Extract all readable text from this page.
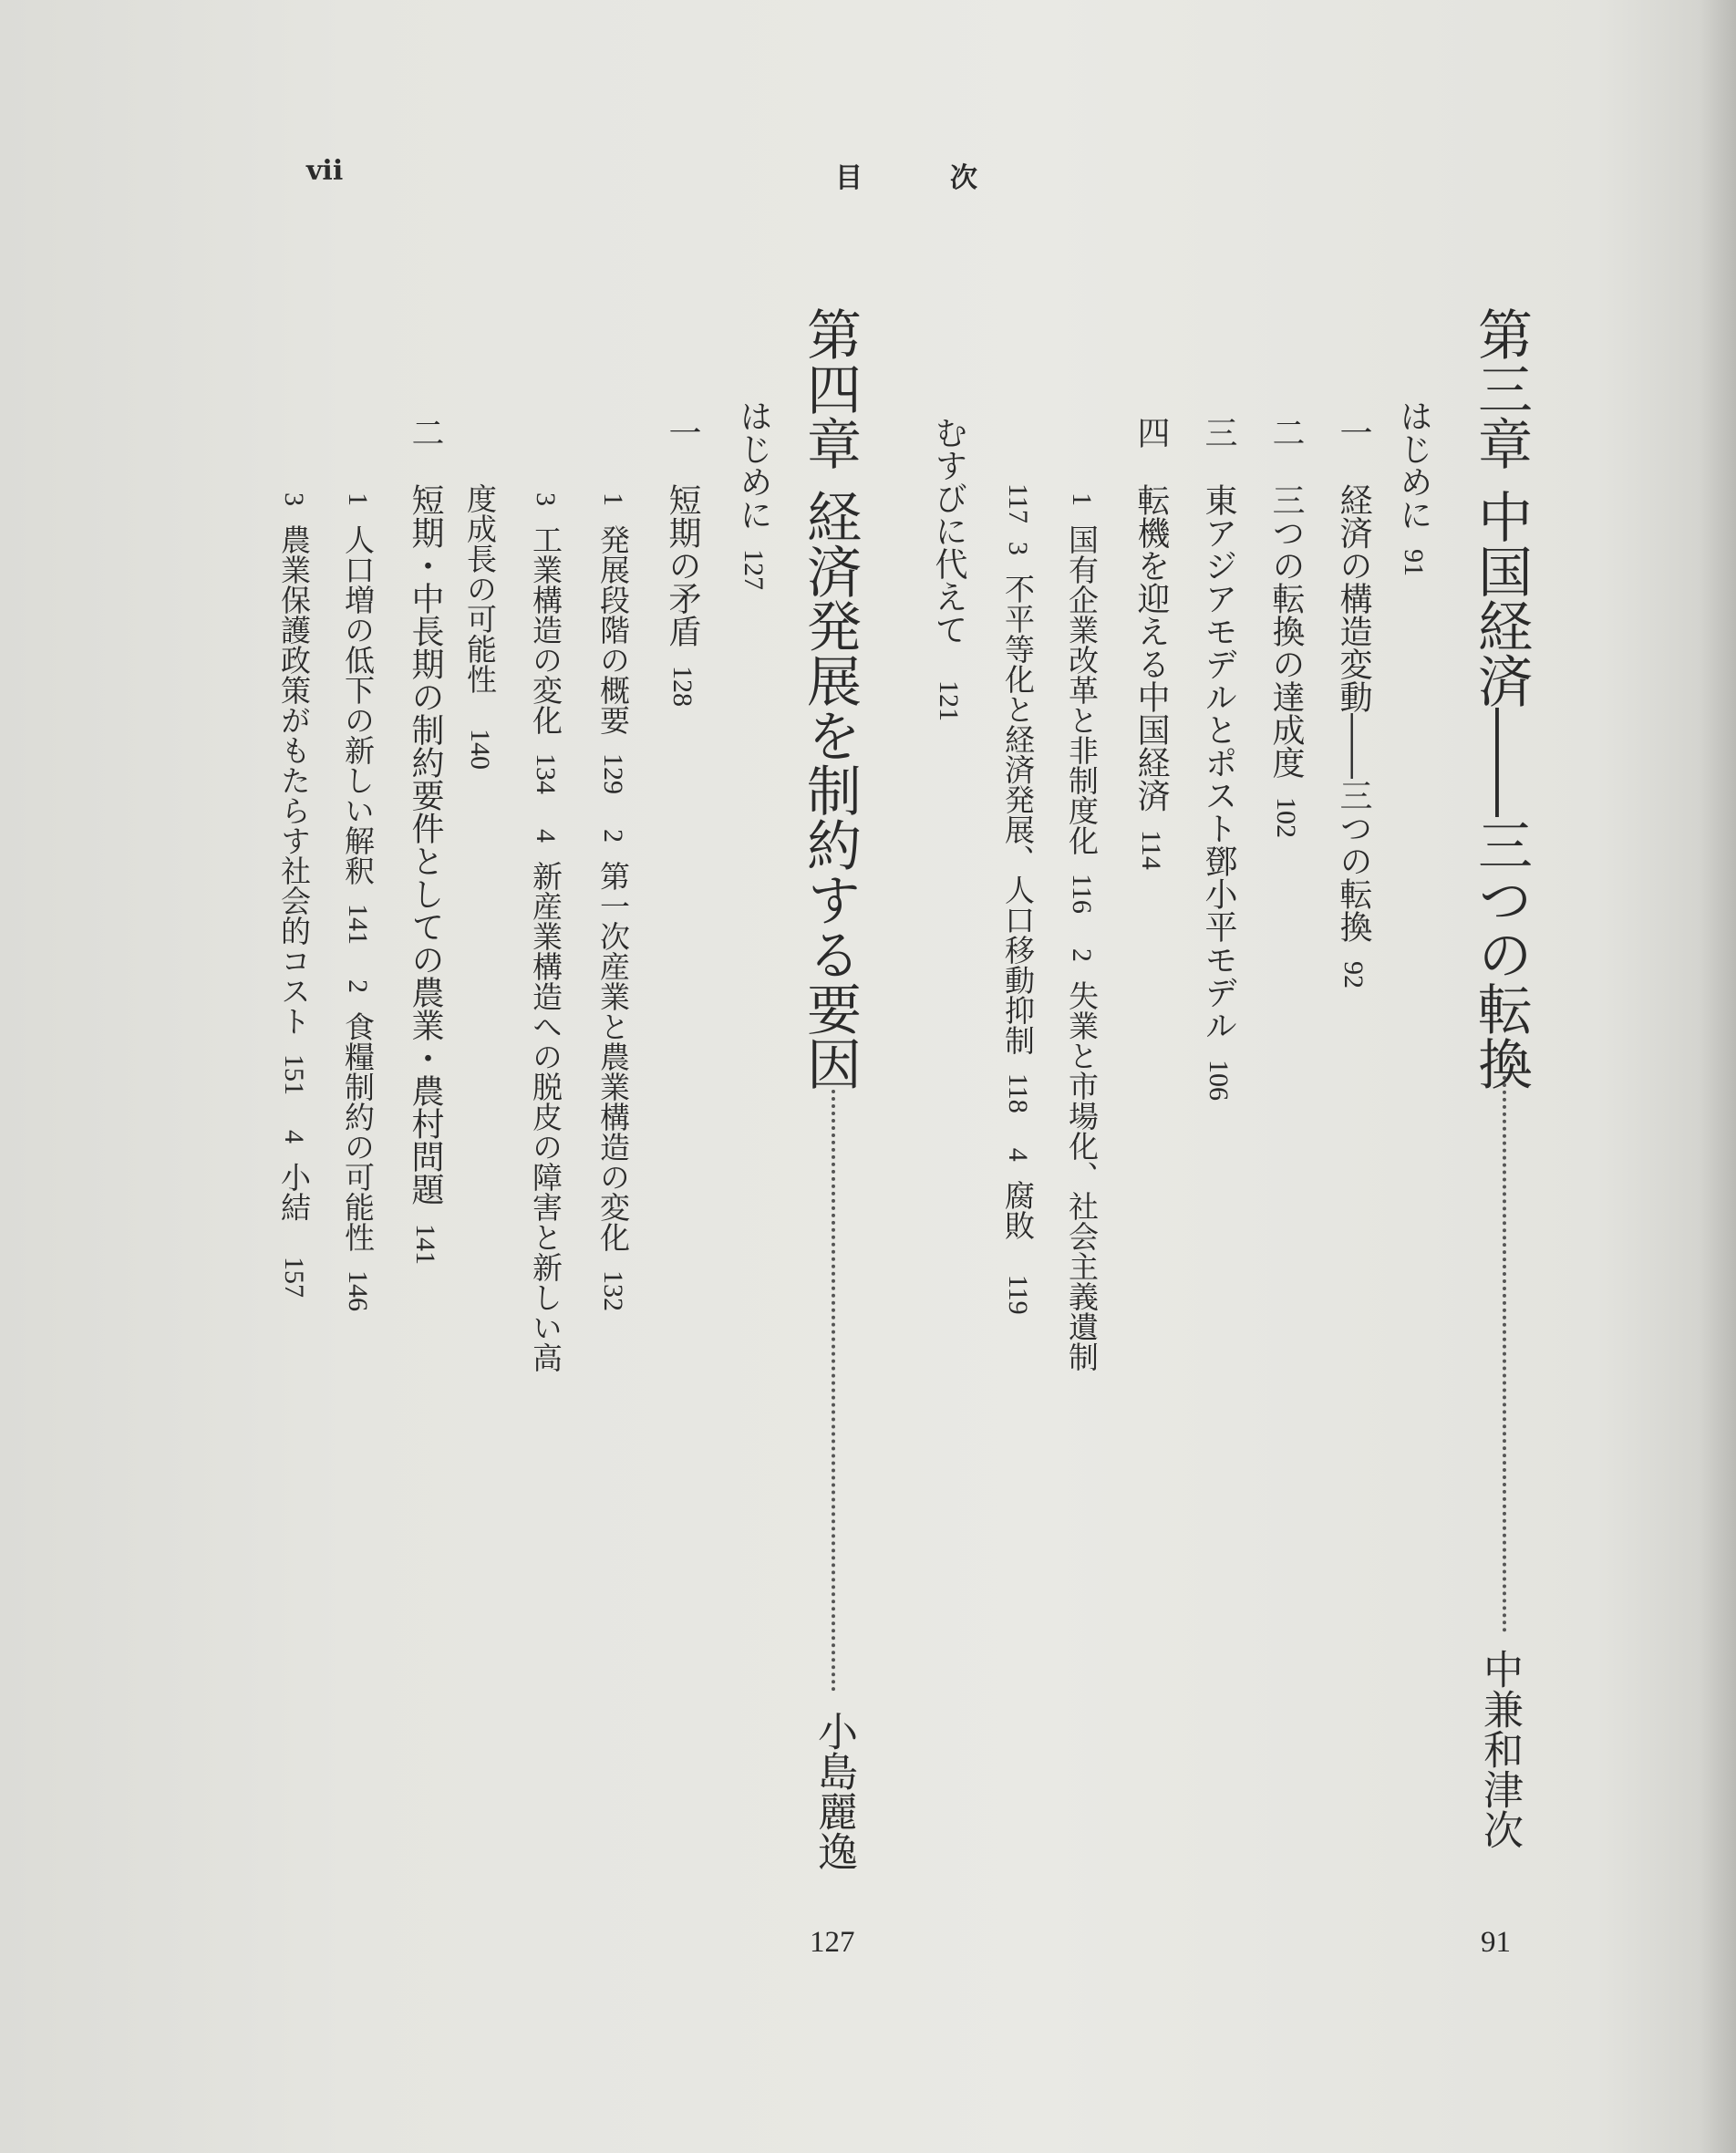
vii	目	次
第三章中国経済――三つの転換
中兼和津次
91
はじめに91
一経済の構造変動――三つの転換92
二三つの転換の達成度102
三東アジアモデルとポスト鄧小平モデル106
四転機を迎える中国経済114
1国有企業改革と非制度化1162失業と市場化、社会主義遺制
1173不平等化と経済発展、人口移動抑制1184腐敗119
むすびに代えて121
第四章経済発展を制約する要因
小島麗逸
127
はじめに127
一短期の矛盾128
1発展段階の概要1292第一次産業と農業構造の変化132
3工業構造の変化1344新産業構造への脱皮の障害と新しい高
度成長の可能性140
二短期・中長期の制約要件としての農業・農村問題141
1人口増の低下の新しい解釈1412食糧制約の可能性146
3農業保護政策がもたらす社会的コスト1514小結157
